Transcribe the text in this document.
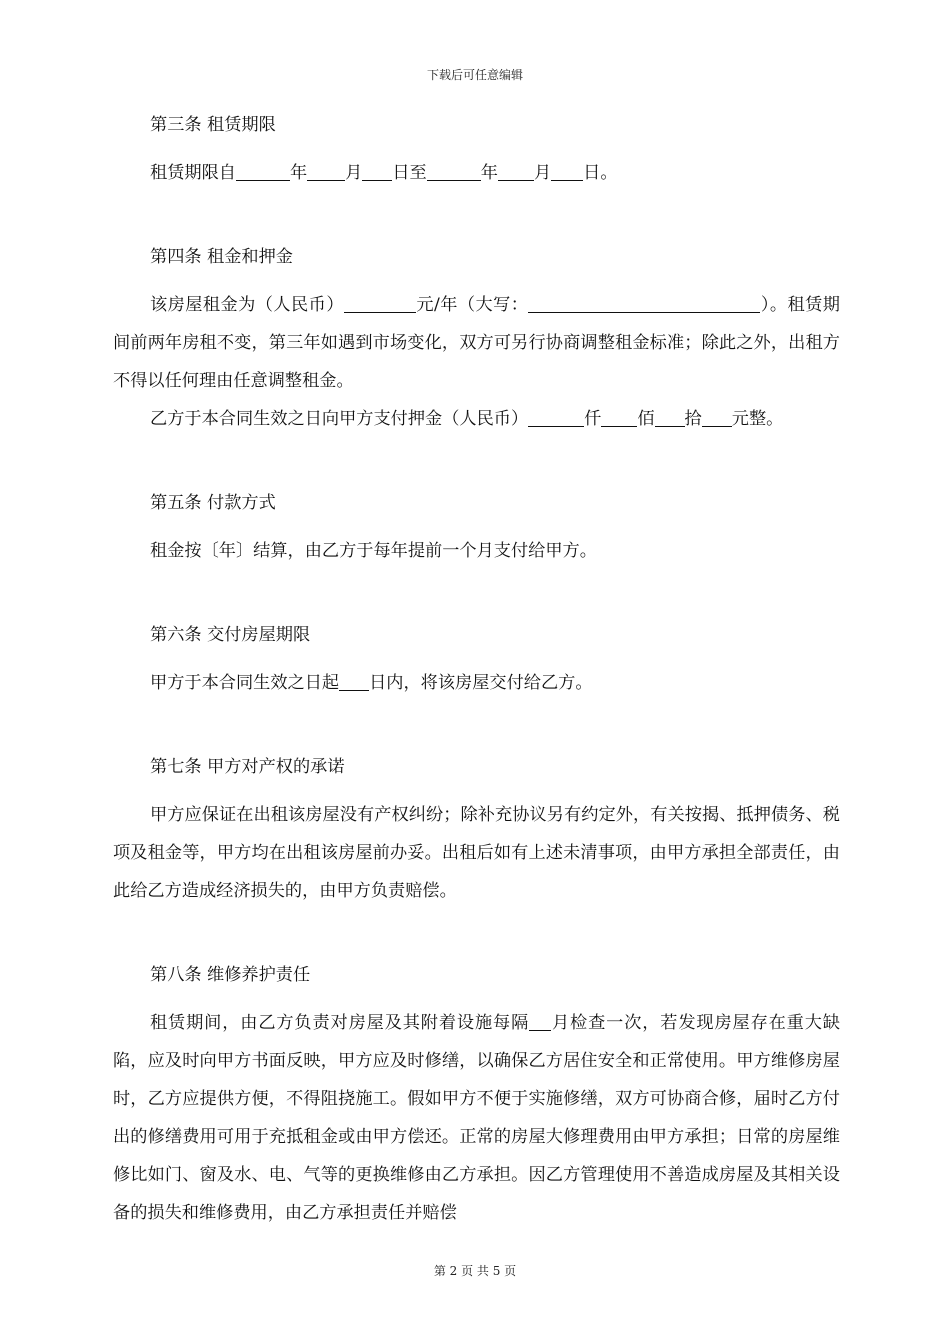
下载后可任意编辑
第三条 租赁期限

租赁期限自	年 月 日至	年 月 日。

第四条 租金和押金

该房屋租金为（人民币）	元/年（大写：	）。租赁期间前两年房租不变，第三年如遇到市场变化，双方可另行协商调整租金标准；除此之外，出租方不得以任何理由任意调整租金。

乙方于本合同生效之日向甲方支付押金（人民币）	仟 佰 拾 元整。

第五条 付款方式

租金按〔年〕结算，由乙方于每年提前一个月支付给甲方。

第六条 交付房屋期限

甲方于本合同生效之日起 日内，将该房屋交付给乙方。

第七条 甲方对产权的承诺

甲方应保证在出租该房屋没有产权纠纷；除补充协议另有约定外，有关按揭、抵押债务、税项及租金等，甲方均在出租该房屋前办妥。出租后如有上述未清事项，由甲方承担全部责任，由此给乙方造成经济损失的，由甲方负责赔偿。

第八条 维修养护责任

租赁期间，由乙方负责对房屋及其附着设施每隔 月检查一次，若发现房屋存在重大缺陷，应及时向甲方书面反映，甲方应及时修缮，以确保乙方居住安全和正常使用。甲方维修房屋时，乙方应提供方便，不得阻挠施工。假如甲方不便于实施修缮，双方可协商合修，届时乙方付出的修缮费用可用于充抵租金或由甲方偿还。正常的房屋大修理费用由甲方承担；日常的房屋维修比如门、窗及水、电、气等的更换维修由乙方承担。因乙方管理使用不善造成房屋及其相关设备的损失和维修费用，由乙方承担责任并赔偿

第 2 页 共 5 页
